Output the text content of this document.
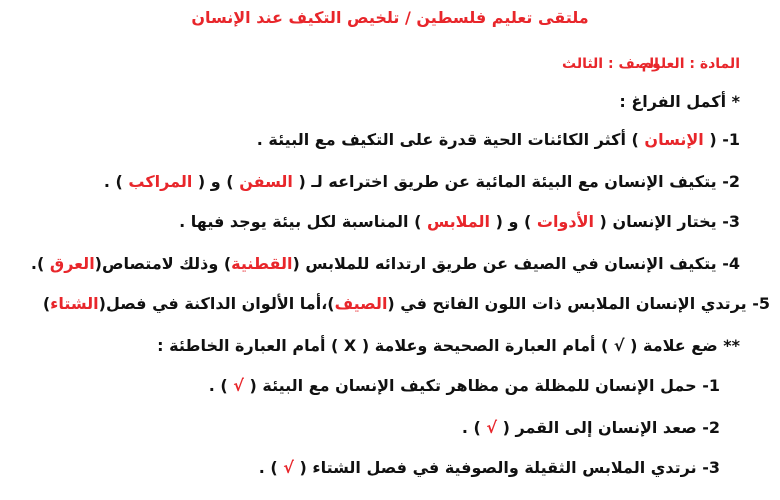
ملتقى تعليم فلسطين / تلخيص التكيف عند الإنسان
المادة : العلوم
الصف : الثالث
* أكمل الفراغ :
1- ( الإنسان ) أكثر الكائنات الحية قدرة على التكيف مع البيئة .
2- يتكيف الإنسان مع البيئة المائية عن طريق اختراعه لـ ( السفن ) و ( المراكب ) .
3- يختار الإنسان ( الأدوات ) و ( الملابس ) المناسبة لكل بيئة يوجد فيها .
4- يتكيف الإنسان في الصيف عن طريق ارتدائه للملابس (القطنية) وذلك لامتصاص(العرق ).
5- يرتدي الإنسان الملابس ذات اللون الفاتح في (الصيف)،أما الألوان الداكنة في فصل(الشتاء)
** ضع علامة ( √ ) أمام العبارة الصحيحة وعلامة ( X ) أمام العبارة الخاطئة :
1- حمل الإنسان للمظلة من مظاهر تكيف الإنسان مع البيئة ( √ ) .
2- صعد الإنسان إلى القمر ( √ ) .
3- نرتدي الملابس الثقيلة والصوفية في فصل الشتاء ( √ ) .
